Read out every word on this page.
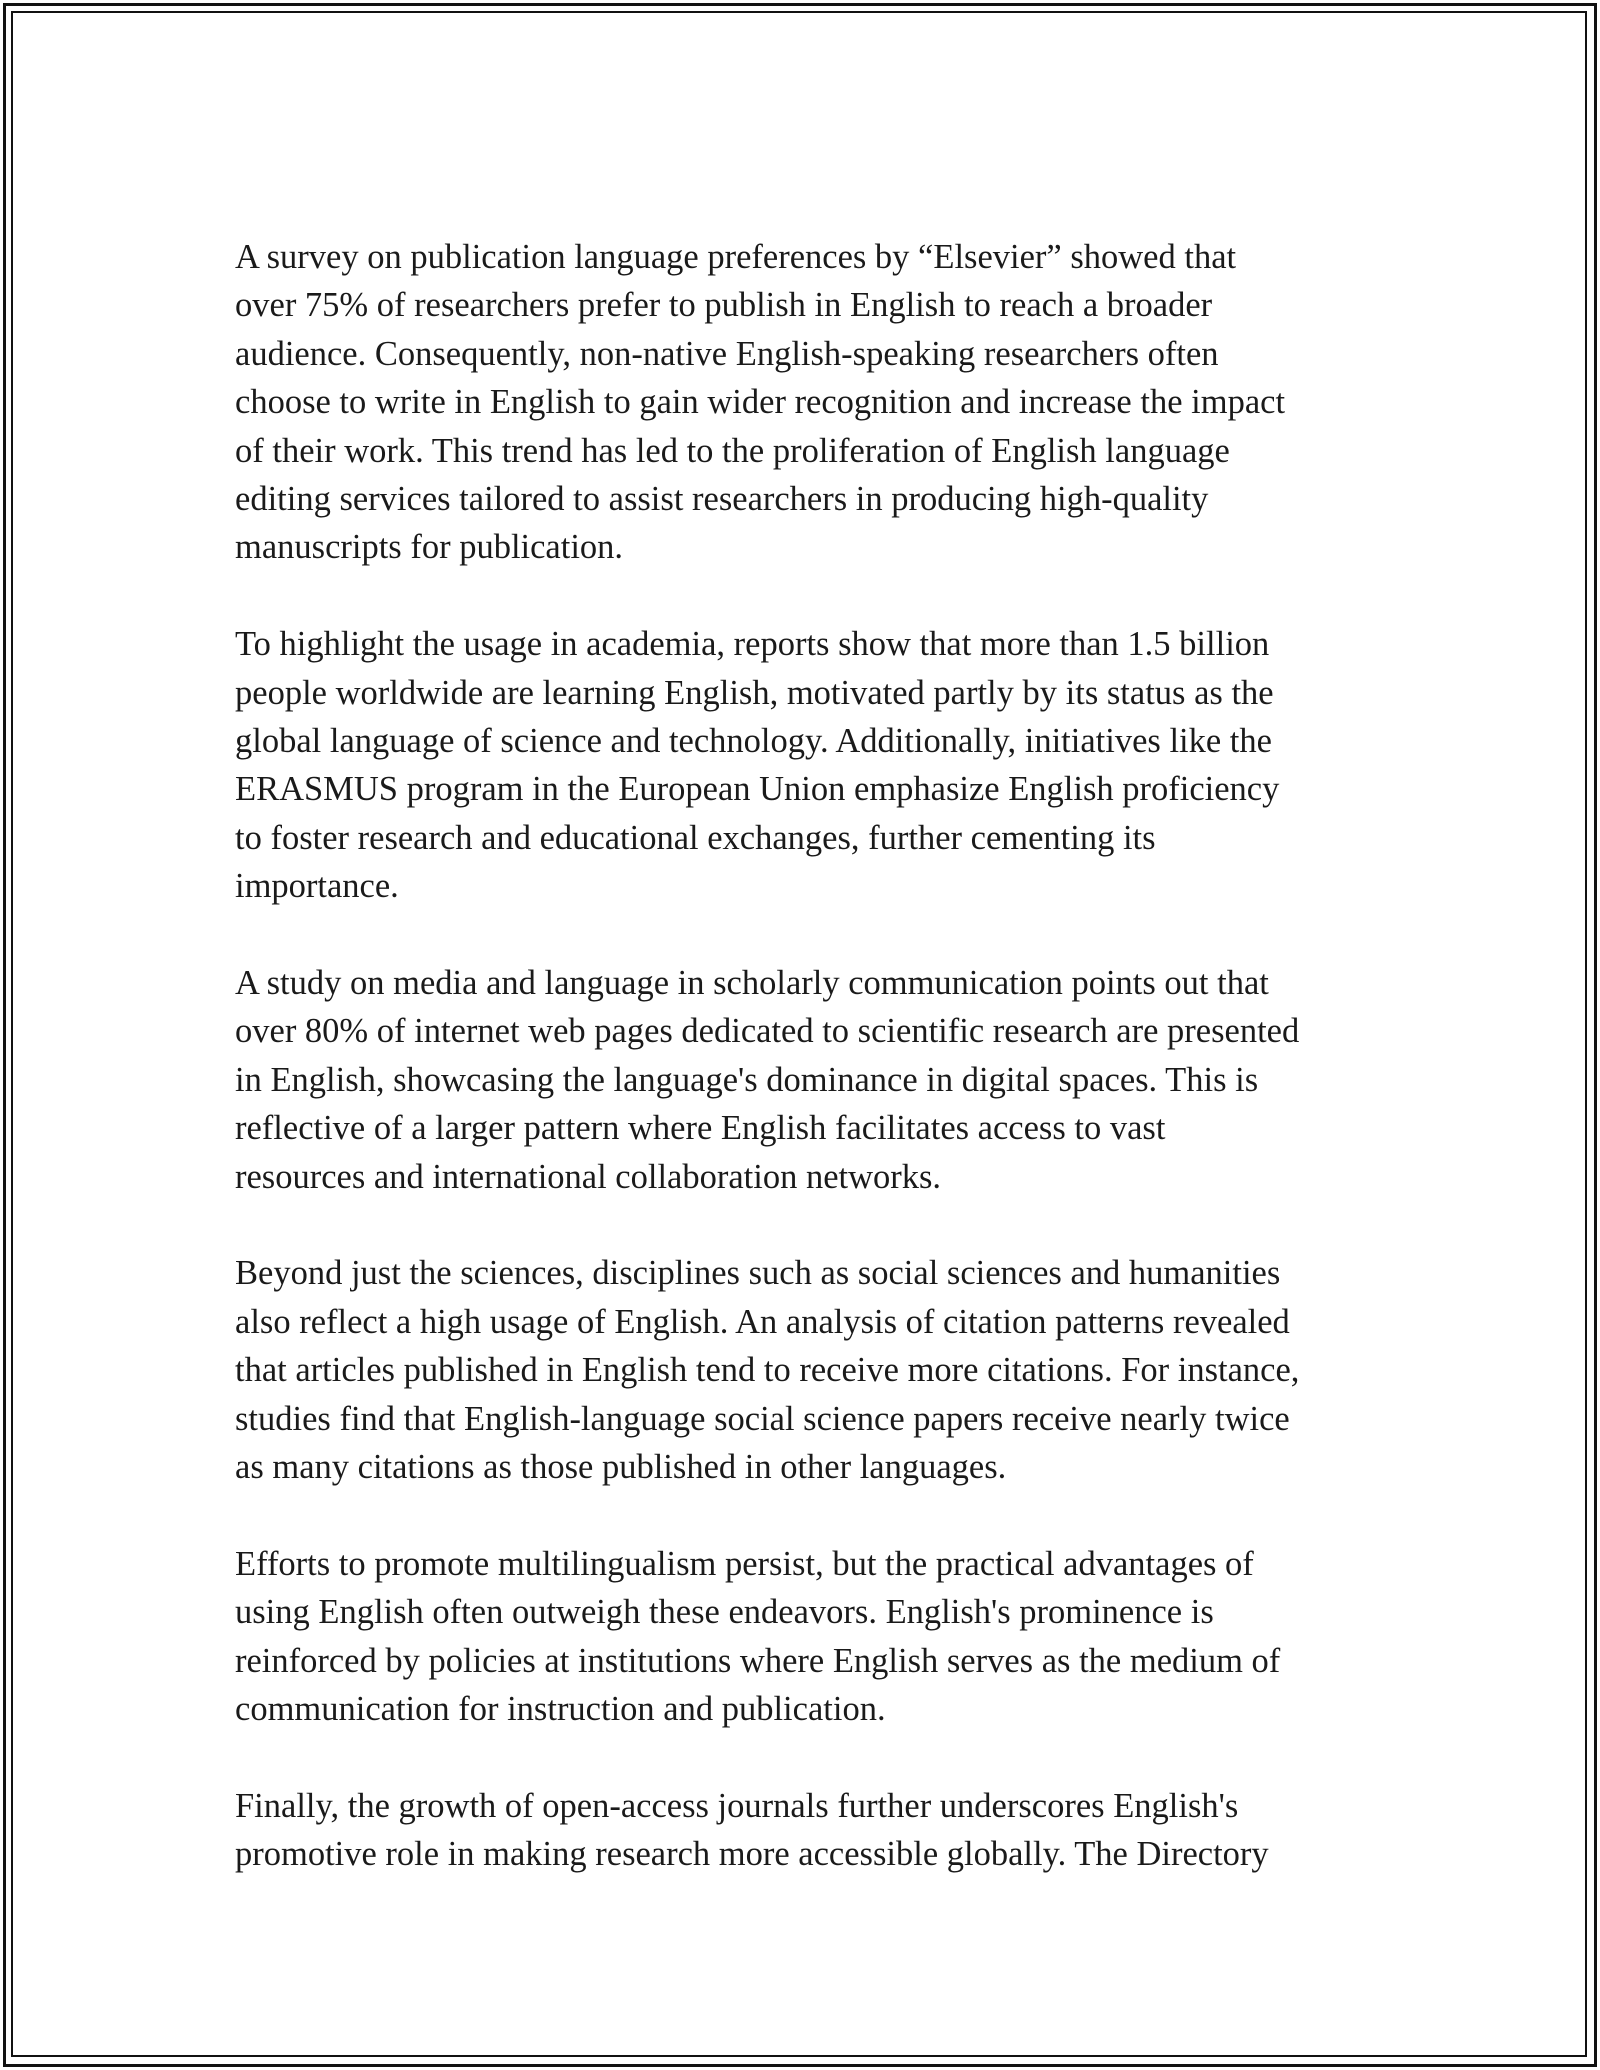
A survey on publication language preferences by “Elsevier” showed that
over 75% of researchers prefer to publish in English to reach a broader
audience. Consequently, non-native English-speaking researchers often
choose to write in English to gain wider recognition and increase the impact
of their work. This trend has led to the proliferation of English language
editing services tailored to assist researchers in producing high-quality
manuscripts for publication.

To highlight the usage in academia, reports show that more than 1.5 billion
people worldwide are learning English, motivated partly by its status as the
global language of science and technology. Additionally, initiatives like the
ERASMUS program in the European Union emphasize English proficiency
to foster research and educational exchanges, further cementing its
importance.

A study on media and language in scholarly communication points out that
over 80% of internet web pages dedicated to scientific research are presented
in English, showcasing the language's dominance in digital spaces. This is
reflective of a larger pattern where English facilitates access to vast
resources and international collaboration networks.

Beyond just the sciences, disciplines such as social sciences and humanities
also reflect a high usage of English. An analysis of citation patterns revealed
that articles published in English tend to receive more citations. For instance,
studies find that English-language social science papers receive nearly twice
as many citations as those published in other languages.

Efforts to promote multilingualism persist, but the practical advantages of
using English often outweigh these endeavors. English's prominence is
reinforced by policies at institutions where English serves as the medium of
communication for instruction and publication.

Finally, the growth of open-access journals further underscores English's
promotive role in making research more accessible globally. The Directory
